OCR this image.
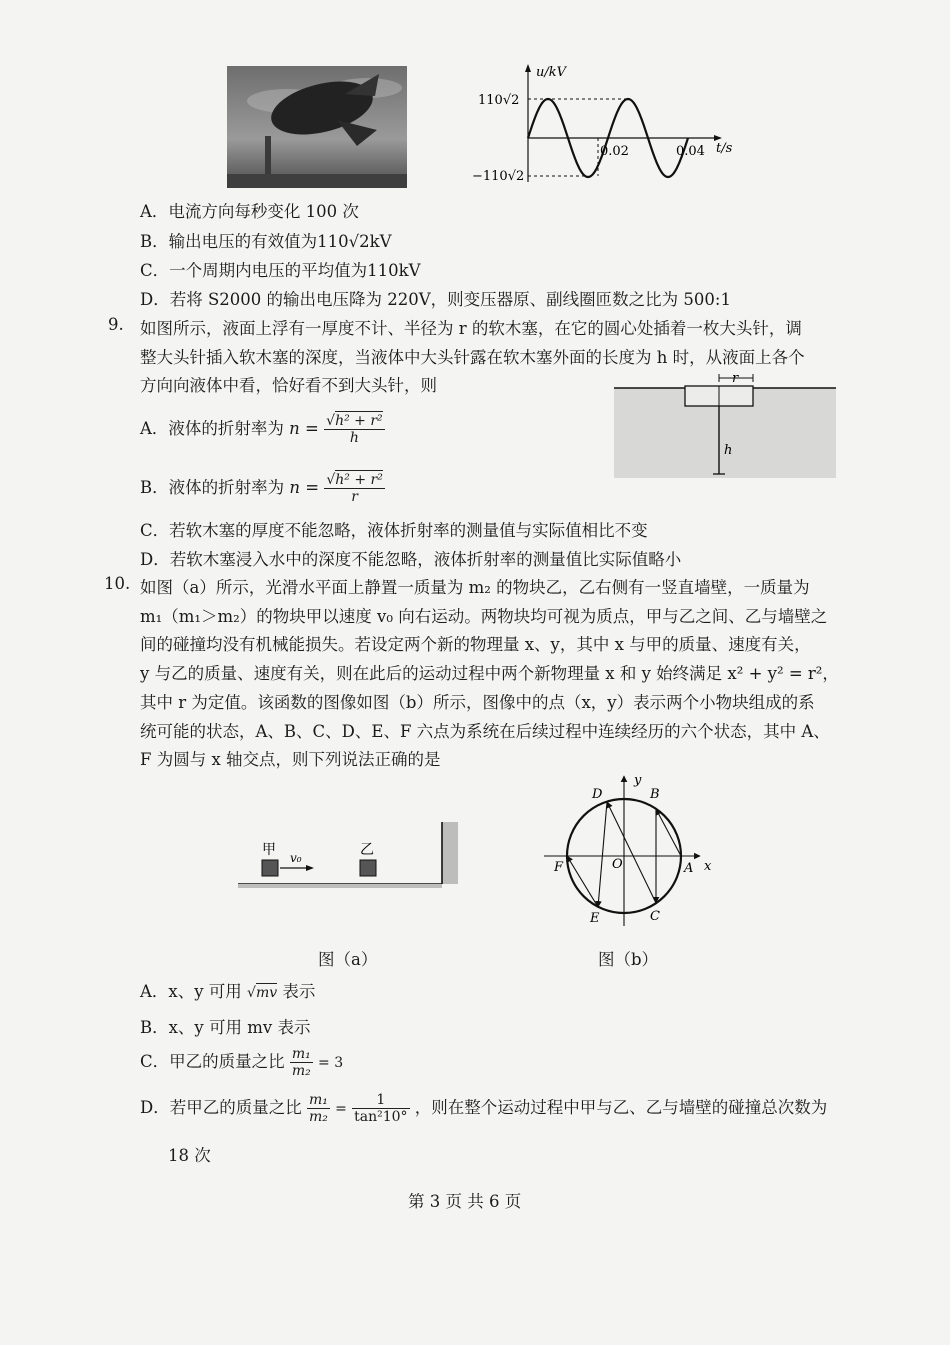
u/kV
t/s
110√2
−110√2
0.02	0.04
A．电流方向每秒变化 100 次
B．输出电压的有效值为110√2kV
C．一个周期内电压的平均值为110kV
D．若将 S2000 的输出电压降为 220V，则变压器原、副线圈匝数之比为 500:1
9. 如图所示，液面上浮有一厚度不计、半径为 r 的软木塞，在它的圆心处插着一枚大头针，调
整大头针插入软木塞的深度，当液体中大头针露在软木塞外面的长度为 h 时，从液面上各个
方向向液体中看，恰好看不到大头针，则	r
h
A．液体的折射率为 $n = \frac{\text{√h² + r²}}{h}$
B．液体的折射率为 $n = \frac{\text{√h² + r²}}{r}$
C．若软木塞的厚度不能忽略，液体折射率的测量值与实际值相比不变
D．若软木塞浸入水中的深度不能忽略，液体折射率的测量值比实际值略小
10. 如图（a）所示，光滑水平面上静置一质量为 m₂ 的物块乙，乙右侧有一竖直墙壁，一质量为
m₁（m₁＞m₂）的物块甲以速度 v₀ 向右运动。两物块均可视为质点，甲与乙之间、乙与墙壁之
间的碰撞均没有机械能损失。若设定两个新的物理量 x、y，其中 x 与甲的质量、速度有关，
y 与乙的质量、速度有关，则在此后的运动过程中两个新物理量 x 和 y 始终满足 x² + y² = r²，
其中 r 为定值。该函数的图像如图（b）所示，图像中的点（x，y）表示两个小物块组成的系
统可能的状态，A、B、C、D、E、F 六点为系统在后续过程中连续经历的六个状态，其中 A、
F 为圆与 x 轴交点，则下列说法正确的是
甲 v₀	乙
图（a）
y
x
O	A
B
C
D
E
F
图（b）
A．x、y 可用 √mv 表示
B．x、y 可用 mv 表示
C．甲乙的质量之比 $\frac{\text{m₁}}{\text{m₂}} = 3$
D．若甲乙的质量之比 $\frac{\text{m₁}}{\text{m₂}} = \frac{1}{\text{tan²10°}}$ ，则在整个运动过程中甲与乙、乙与墙壁的碰撞总次数为
18 次
第 3 页 共 6 页
